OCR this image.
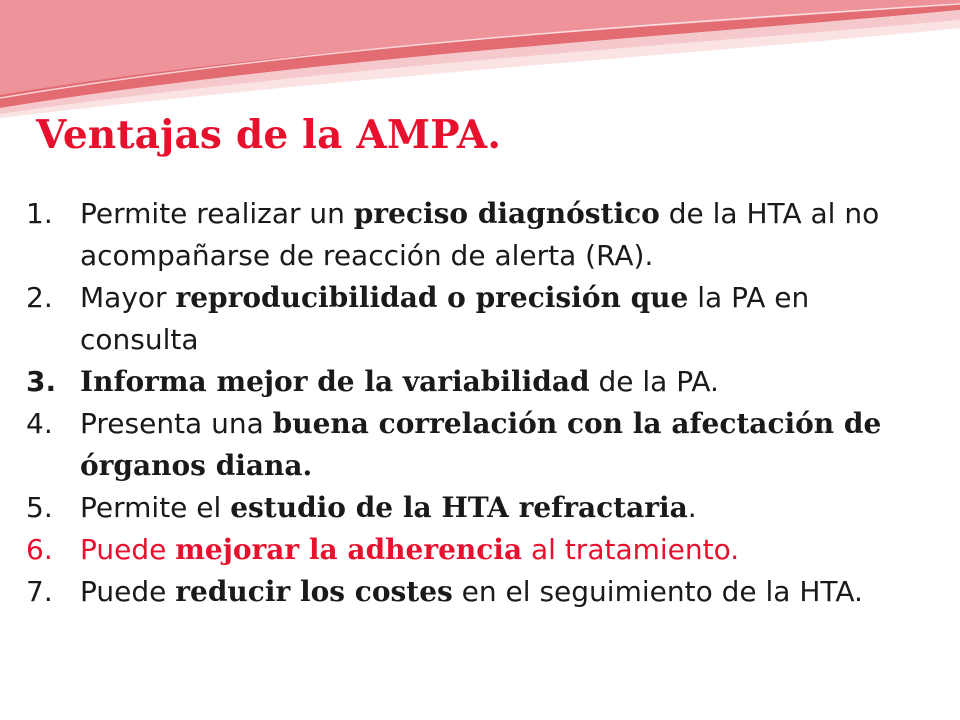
Ventajas de la AMPA.
1. Permite realizar un preciso diagnóstico de la HTA al no acompañarse de reacción de alerta (RA).
2. Mayor reproducibilidad o precisión que la PA en consulta
3. Informa mejor de la variabilidad de la PA.
4. Presenta una buena correlación con la afectación de órganos diana.
5. Permite el estudio de la HTA refractaria.
6. Puede mejorar la adherencia al tratamiento.
7. Puede reducir los costes en el seguimiento de la HTA.
